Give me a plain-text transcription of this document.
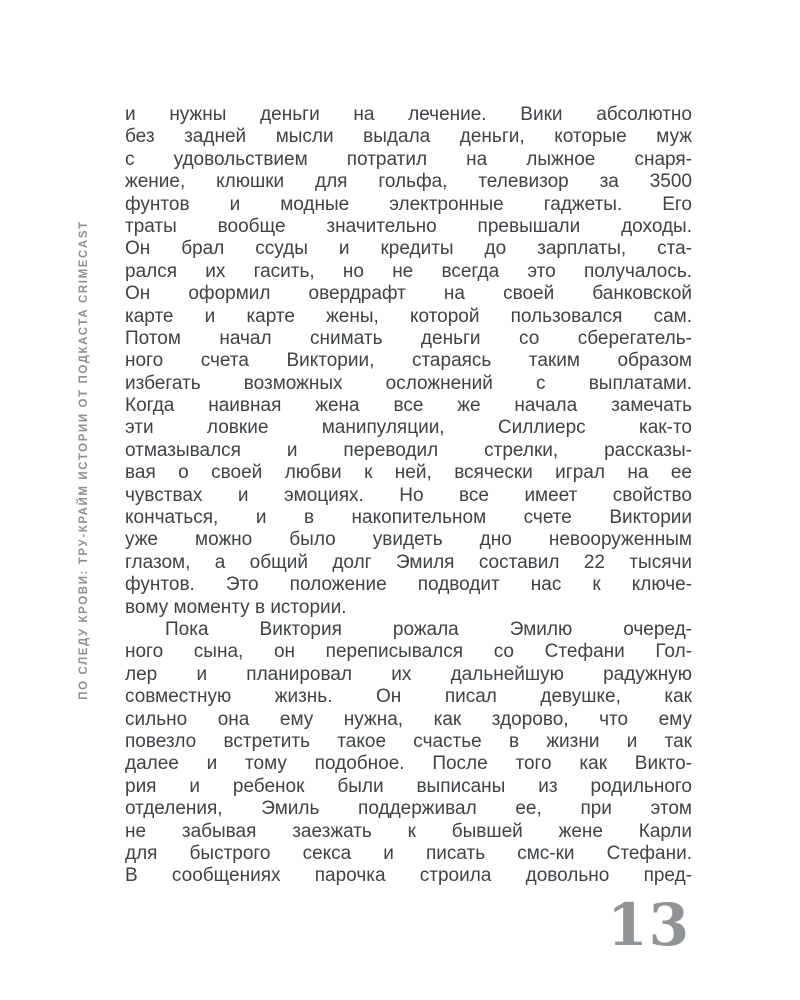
ПО СЛЕДУ КРОВИ: ТРУ-КРАЙМ ИСТОРИИ ОТ ПОДКАСТА CRIMECAST
и нужны деньги на лечение. Вики абсолютно
без задней мысли выдала деньги, которые муж
с удовольствием потратил на лыжное снаря-
жение, клюшки для гольфа, телевизор за 3500
фунтов и модные электронные гаджеты. Его
траты вообще значительно превышали доходы.
Он брал ссуды и кредиты до зарплаты, ста-
рался их гасить, но не всегда это получалось.
Он оформил овердрафт на своей банковской
карте и карте жены, которой пользовался сам.
Потом начал снимать деньги со сберегатель-
ного счета Виктории, стараясь таким образом
избегать возможных осложнений с выплатами.
Когда наивная жена все же начала замечать
эти ловкие манипуляции, Силлиерс как-то
отмазывался и переводил стрелки, рассказы-
вая о своей любви к ней, всячески играл на ее
чувствах и эмоциях. Но все имеет свойство
кончаться, и в накопительном счете Виктории
уже можно было увидеть дно невооруженным
глазом, а общий долг Эмиля составил 22 тысячи
фунтов. Это положение подводит нас к ключе-
вому моменту в истории.
Пока Виктория рожала Эмилю очеред-
ного сына, он переписывался со Стефани Гол-
лер и планировал их дальнейшую радужную
совместную жизнь. Он писал девушке, как
сильно она ему нужна, как здорово, что ему
повезло встретить такое счастье в жизни и так
далее и тому подобное. После того как Викто-
рия и ребенок были выписаны из родильного
отделения, Эмиль поддерживал ее, при этом
не забывая заезжать к бывшей жене Карли
для быстрого секса и писать смс-ки Стефани.
В сообщениях парочка строила довольно пред-
13
